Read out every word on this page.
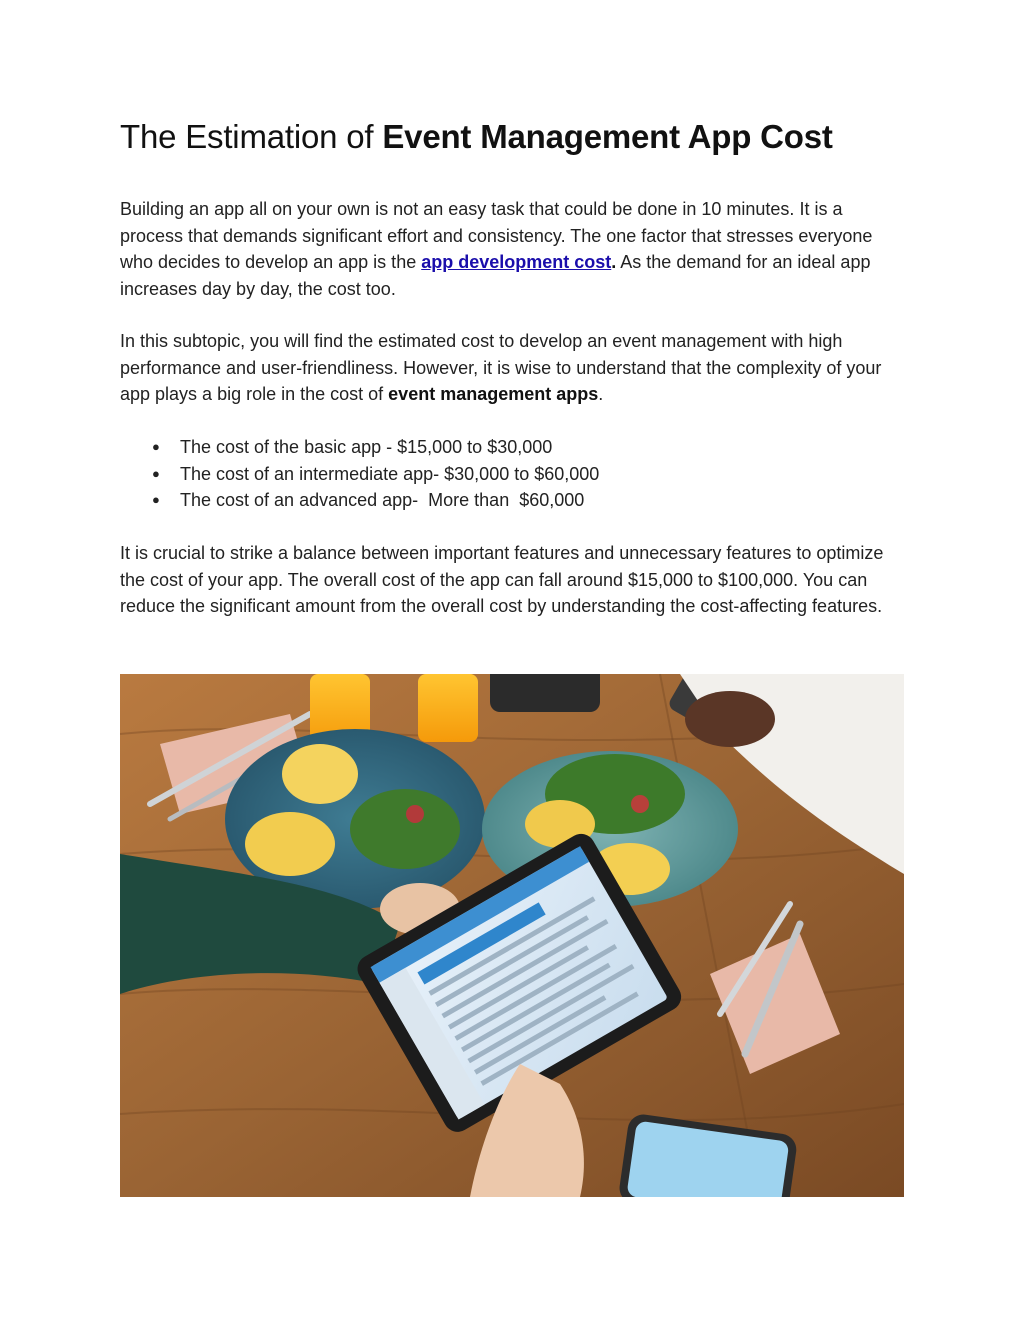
The Estimation of Event Management App Cost

Building an app all on your own is not an easy task that could be done in 10 minutes. It is a process that demands significant effort and consistency. The one factor that stresses everyone who decides to develop an app is the app development cost. As the demand for an ideal app increases day by day, the cost too.

In this subtopic, you will find the estimated cost to develop an event management with high performance and user-friendliness. However, it is wise to understand that the complexity of your app plays a big role in the cost of event management apps.

● The cost of the basic app - $15,000 to $30,000
● The cost of an intermediate app- $30,000 to $60,000
● The cost of an advanced app-  More than  $60,000

It is crucial to strike a balance between important features and unnecessary features to optimize the cost of your app. The overall cost of the app can fall around $15,000 to $100,000. You can reduce the significant amount from the overall cost by understanding the cost-affecting features.
